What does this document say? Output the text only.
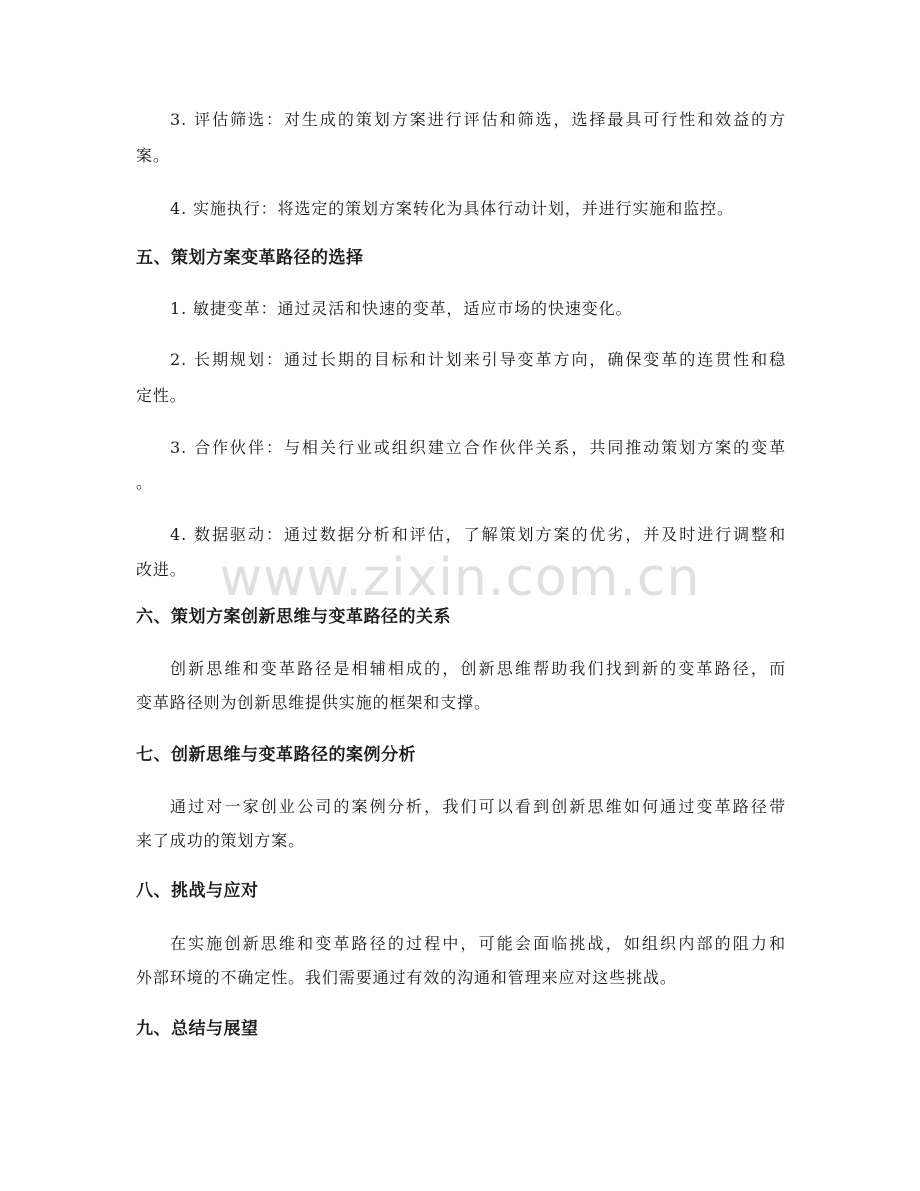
www.zixin.com.cn
3. 评估筛选：对生成的策划方案进行评估和筛选，选择最具可行性和效益的方
案。
4. 实施执行：将选定的策划方案转化为具体行动计划，并进行实施和监控。
五、策划方案变革路径的选择
1. 敏捷变革：通过灵活和快速的变革，适应市场的快速变化。
2. 长期规划：通过长期的目标和计划来引导变革方向，确保变革的连贯性和稳
定性。
3. 合作伙伴：与相关行业或组织建立合作伙伴关系，共同推动策划方案的变革
。
4. 数据驱动：通过数据分析和评估，了解策划方案的优劣，并及时进行调整和
改进。
六、策划方案创新思维与变革路径的关系
创新思维和变革路径是相辅相成的，创新思维帮助我们找到新的变革路径，而
变革路径则为创新思维提供实施的框架和支撑。
七、创新思维与变革路径的案例分析
通过对一家创业公司的案例分析，我们可以看到创新思维如何通过变革路径带
来了成功的策划方案。
八、挑战与应对
在实施创新思维和变革路径的过程中，可能会面临挑战，如组织内部的阻力和
外部环境的不确定性。我们需要通过有效的沟通和管理来应对这些挑战。
九、总结与展望
